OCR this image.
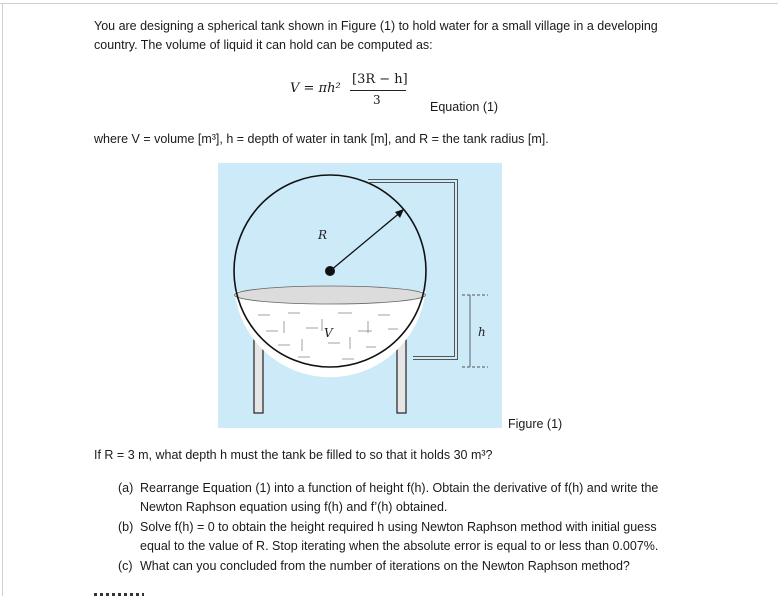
You are designing a spherical tank shown in Figure (1) to hold water for a small village in a developing
country. The volume of liquid it can hold can be computed as:
V = πh²
[3R − h]
3	Equation (1)
where V = volume [m³], h = depth of water in tank [m], and R = the tank radius [m].
R
V	h
Figure (1)
If R = 3 m, what depth h must the tank be filled to so that it holds 30 m³?
(a) Rearrange Equation (1) into a function of height f(h). Obtain the derivative of f(h) and write the
Newton Raphson equation using f(h) and f’(h) obtained.
(b) Solve f(h) = 0 to obtain the height required h using Newton Raphson method with initial guess
equal to the value of R. Stop iterating when the absolute error is equal to or less than 0.007%.
(c) What can you concluded from the number of iterations on the Newton Raphson method?
